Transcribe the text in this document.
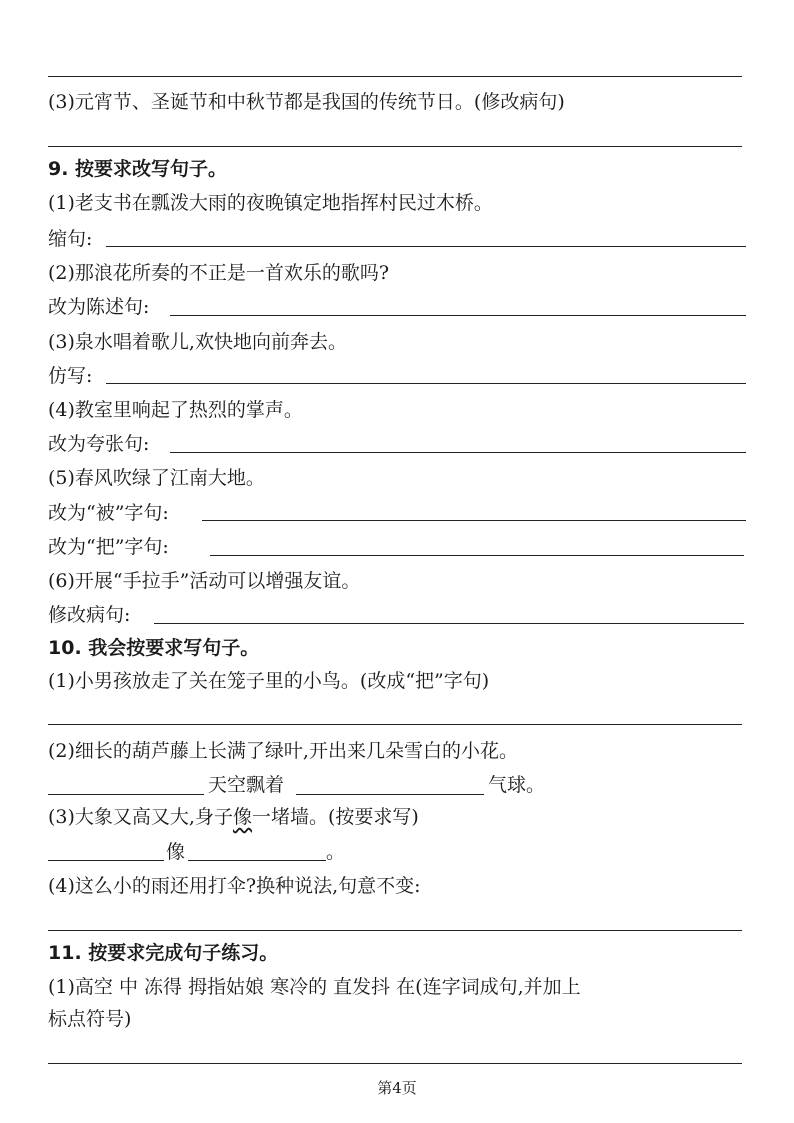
(3)元宵节、圣诞节和中秋节都是我国的传统节日。(修改病句)
9. 按要求改写句子。
(1)老支书在瓢泼大雨的夜晚镇定地指挥村民过木桥。
缩句:
(2)那浪花所奏的不正是一首欢乐的歌吗?
改为陈述句:
(3)泉水唱着歌儿,欢快地向前奔去。
仿写:
(4)教室里响起了热烈的掌声。
改为夸张句:
(5)春风吹绿了江南大地。
改为“被”字句:
改为“把”字句:
(6)开展“手拉手”活动可以增强友谊。
修改病句:
10. 我会按要求写句子。
(1)小男孩放走了关在笼子里的小鸟。(改成“把”字句)
(2)细长的葫芦藤上长满了绿叶,开出来几朵雪白的小花。
天空飘着	气球。
(3)大象又高又大,身子像一堵墙。(按要求写)
像	。
(4)这么小的雨还用打伞?换种说法,句意不变:
11. 按要求完成句子练习。
(1)高空 中 冻得 拇指姑娘 寒冷的 直发抖 在(连字词成句,并加上
标点符号)
第4页
